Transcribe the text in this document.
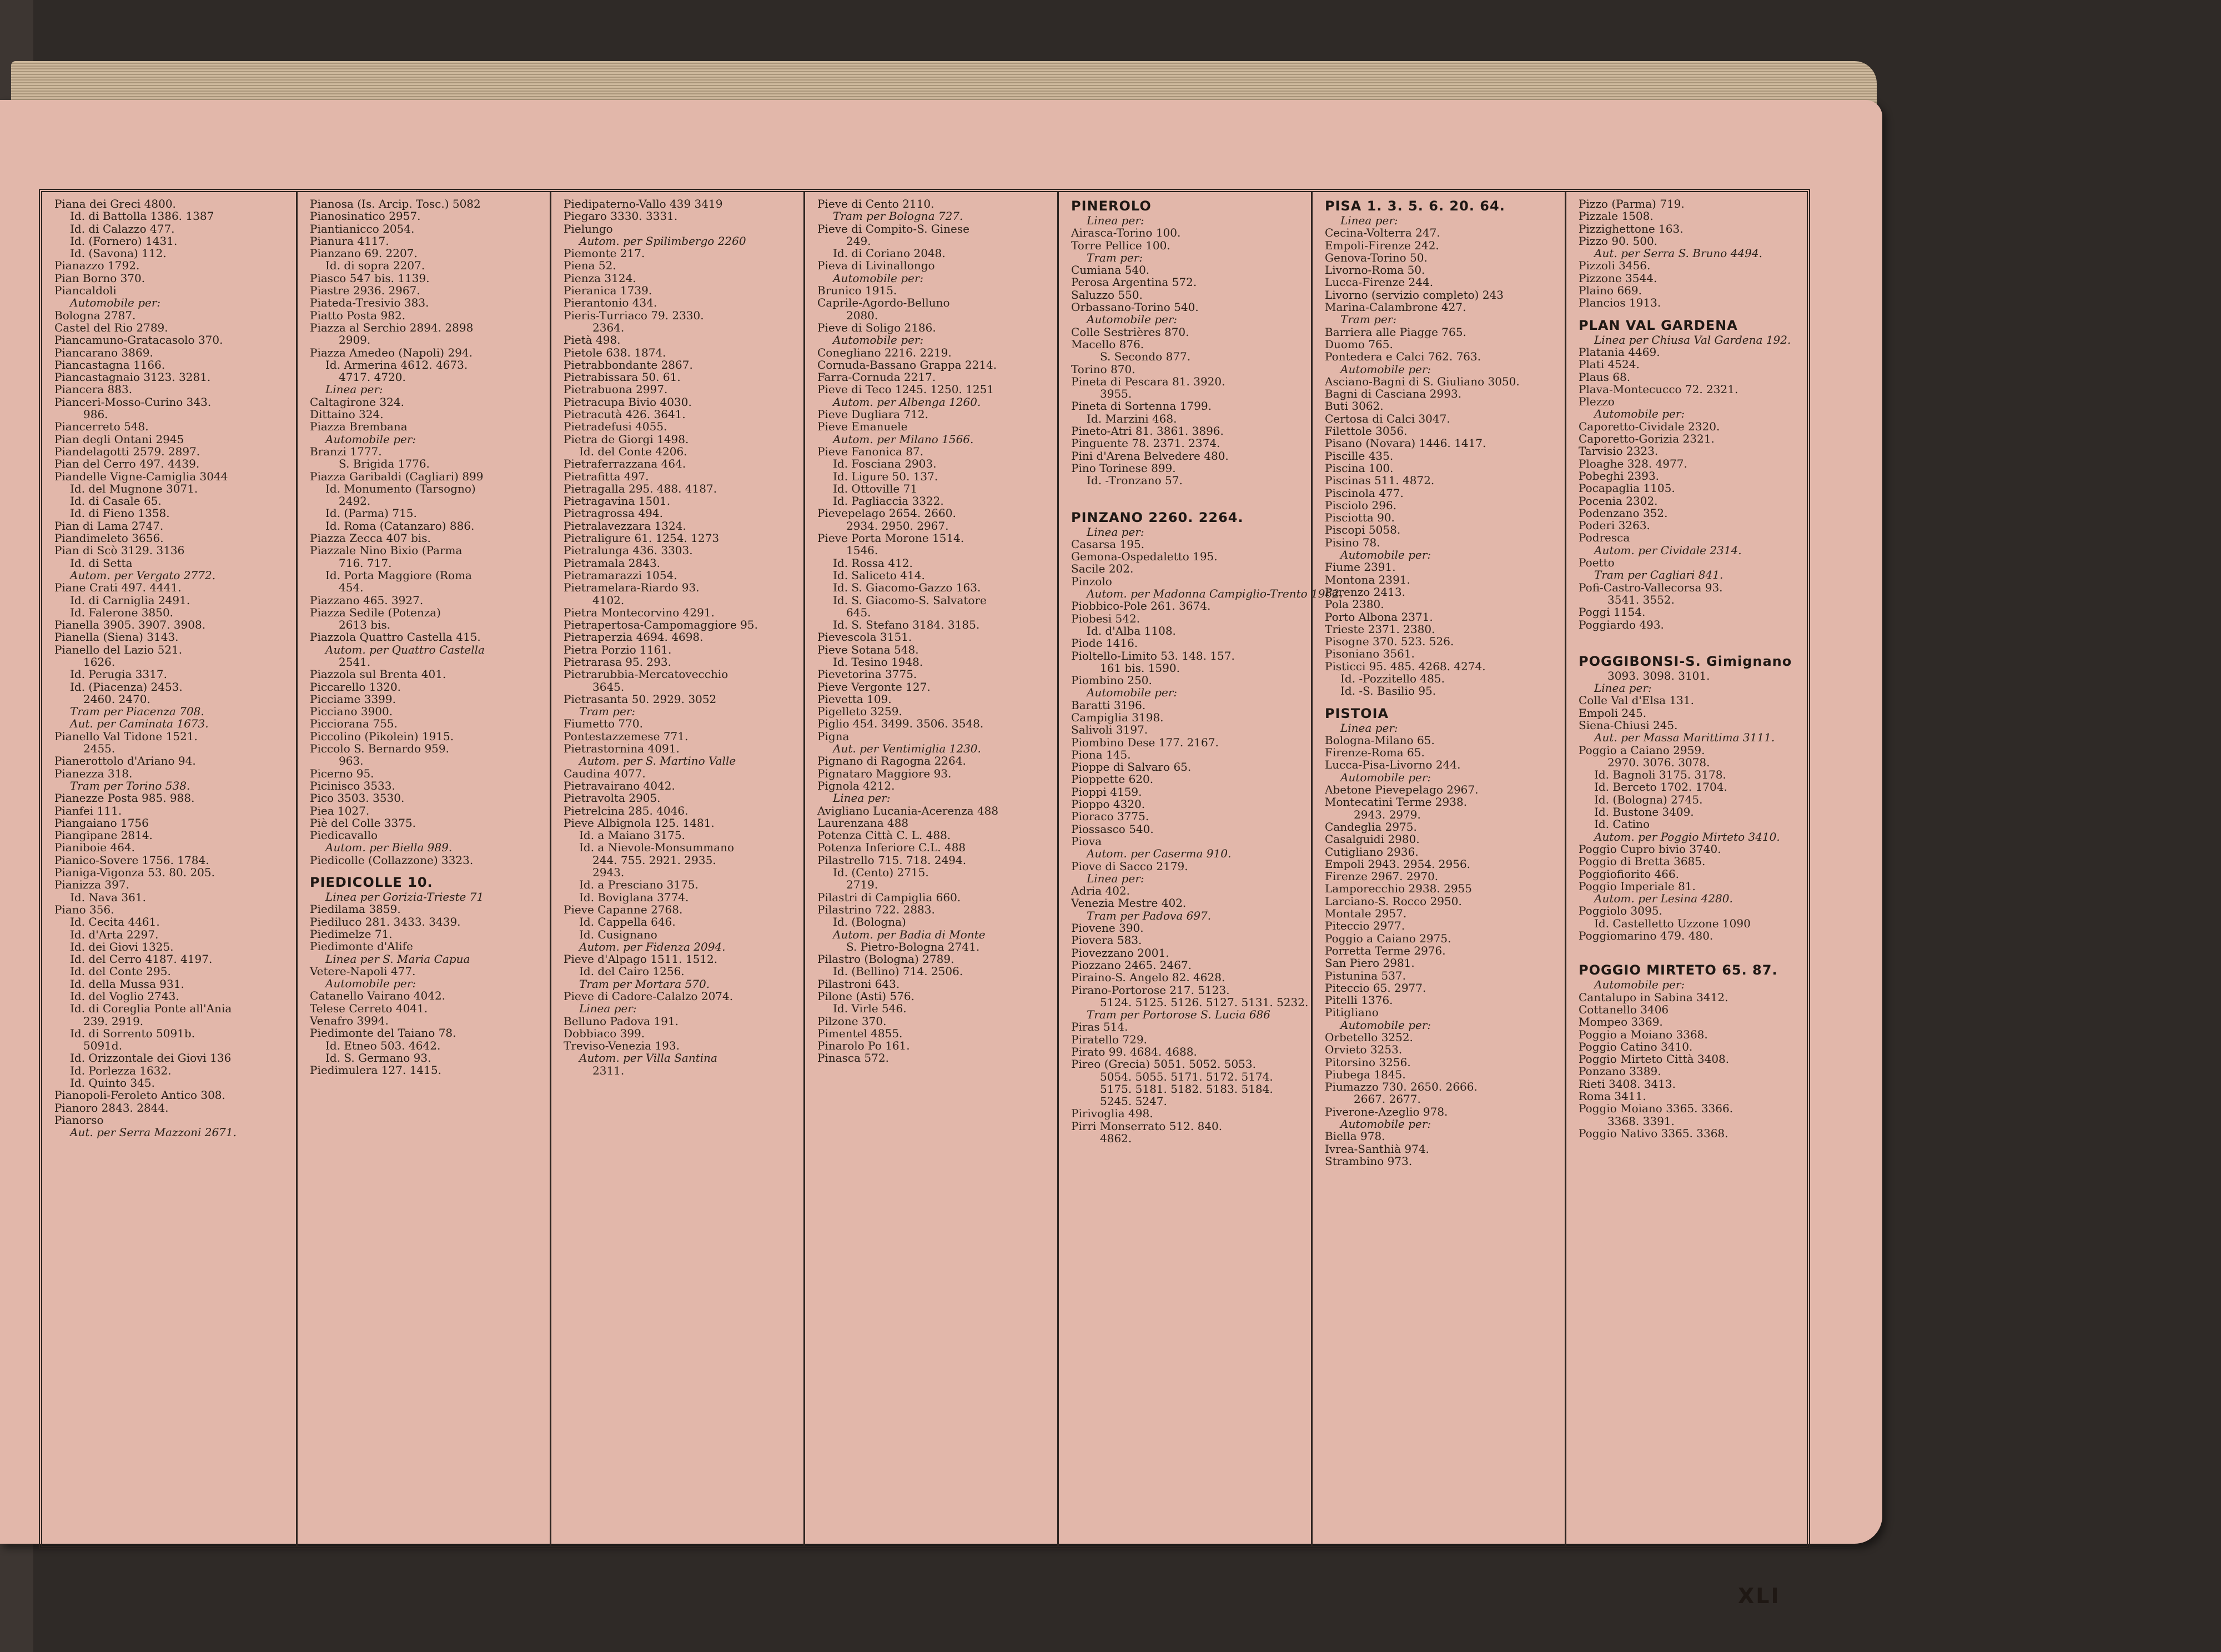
Piana dei Greci 4800.
Id. di Battolla 1386. 1387
Id. di Calazzo 477.
Id. (Fornero) 1431.
Id. (Savona) 112.
Pianazzo 1792.
Pian Borno 370.
Piancaldoli
Automobile per:
Bologna 2787.
Castel del Rio 2789.
Piancamuno-Gratacasolo 370.
Piancarano 3869.
Piancastagna 1166.
Piancastagnaio 3123. 3281.
Piancera 883.
Pianceri-Mosso-Curino 343.
986.
Piancerreto 548.
Pian degli Ontani 2945
Piandelagotti 2579. 2897.
Pian del Cerro 497. 4439.
Piandelle Vigne-Camiglia 3044
Id. del Mugnone 3071.
Id. di Casale 65.
Id. di Fieno 1358.
Pian di Lama 2747.
Piandimeleto 3656.
Pian di Scò 3129. 3136
Id. di Setta
Autom. per Vergato 2772.
Piane Crati 497. 4441.
Id. di Carniglia 2491.
Id. Falerone 3850.
Pianella 3905. 3907. 3908.
Pianella (Siena) 3143.
Pianello del Lazio 521.
1626.
Id. Perugia 3317.
Id. (Piacenza) 2453.
2460. 2470.
Tram per Piacenza 708.
Aut. per Caminata 1673.
Pianello Val Tidone 1521.
2455.
Pianerottolo d'Ariano 94.
Pianezza 318.
Tram per Torino 538.
Pianezze Posta 985. 988.
Pianfei 111.
Piangaiano 1756
Piangipane 2814.
Pianiboie 464.
Pianico-Sovere 1756. 1784.
Pianiga-Vigonza 53. 80. 205.
Pianizza 397.
Id. Nava 361.
Piano 356.
Id. Cecita 4461.
Id. d'Arta 2297.
Id. dei Giovi 1325.
Id. del Cerro 4187. 4197.
Id. del Conte 295.
Id. della Mussa 931.
Id. del Voglio 2743.
Id. di Coreglia Ponte all'Ania
239. 2919.
Id. di Sorrento 5091b.
5091d.
Id. Orizzontale dei Giovi 136
Id. Porlezza 1632.
Id. Quinto 345.
Pianopoli-Feroleto Antico 308.
Pianoro 2843. 2844.
Pianorso
Aut. per Serra Mazzoni 2671.
Pianosa (Is. Arcip. Tosc.) 5082
Pianosinatico 2957.
Piantianicco 2054.
Pianura 4117.
Pianzano 69. 2207.
Id. di sopra 2207.
Piasco 547 bis. 1139.
Piastre 2936. 2967.
Piateda-Tresivio 383.
Piatto Posta 982.
Piazza al Serchio 2894. 2898
2909.
Piazza Amedeo (Napoli) 294.
Id. Armerina 4612. 4673.
4717. 4720.
Linea per:
Caltagirone 324.
Dittaino 324.
Piazza Brembana
Automobile per:
Branzi 1777.
S. Brigida 1776.
Piazza Garibaldi (Cagliari) 899
Id. Monumento (Tarsogno)
2492.
Id. (Parma) 715.
Id. Roma (Catanzaro) 886.
Piazza Zecca 407 bis.
Piazzale Nino Bixio (Parma
716. 717.
Id. Porta Maggiore (Roma
454.
Piazzano 465. 3927.
Piazza Sedile (Potenza)
2613 bis.
Piazzola Quattro Castella 415.
Autom. per Quattro Castella
2541.
Piazzola sul Brenta 401.
Piccarello 1320.
Picciame 3399.
Picciano 3900.
Picciorana 755.
Piccolino (Pikolein) 1915.
Piccolo S. Bernardo 959.
963.
Picerno 95.
Picinisco 3533.
Pico 3503. 3530.
Piea 1027.
Piè del Colle 3375.
Piedicavallo
Autom. per Biella 989.
Piedicolle (Collazzone) 3323.
PIEDICOLLE 10.
Linea per Gorizia-Trieste 71
Piedilama 3859.
Piediluco 281. 3433. 3439.
Piedimelze 71.
Piedimonte d'Alife
Linea per S. Maria Capua
Vetere-Napoli 477.
Automobile per:
Catanello Vairano 4042.
Telese Cerreto 4041.
Venafro 3994.
Piedimonte del Taiano 78.
Id. Etneo 503. 4642.
Id. S. Germano 93.
Piedimulera 127. 1415.
Piedipaterno-Vallo 439 3419
Piegaro 3330. 3331.
Pielungo
Autom. per Spilimbergo 2260
Piemonte 217.
Piena 52.
Pienza 3124.
Pieranica 1739.
Pierantonio 434.
Pieris-Turriaco 79. 2330.
2364.
Pietà 498.
Pietole 638. 1874.
Pietrabbondante 2867.
Pietrabissara 50. 61.
Pietrabuona 2997.
Pietracupa Bivio 4030.
Pietracutà 426. 3641.
Pietradefusi 4055.
Pietra de Giorgi 1498.
Id. del Conte 4206.
Pietraferrazzana 464.
Pietrafitta 497.
Pietragalla 295. 488. 4187.
Pietragavina 1501.
Pietragrossa 494.
Pietralavezzara 1324.
Pietraligure 61. 1254. 1273
Pietralunga 436. 3303.
Pietramala 2843.
Pietramarazzi 1054.
Pietramelara-Riardo 93.
4102.
Pietra Montecorvino 4291.
Pietrapertosa-Campomaggiore 95.
Pietraperzia 4694. 4698.
Pietra Porzio 1161.
Pietrarasa 95. 293.
Pietrarubbia-Mercatovecchio
3645.
Pietrasanta 50. 2929. 3052
Tram per:
Fiumetto 770.
Pontestazzemese 771.
Pietrastornina 4091.
Autom. per S. Martino Valle
Caudina 4077.
Pietravairano 4042.
Pietravolta 2905.
Pietrelcina 285. 4046.
Pieve Albignola 125. 1481.
Id. a Maiano 3175.
Id. a Nievole-Monsummano
244. 755. 2921. 2935.
2943.
Id. a Presciano 3175.
Id. Boviglana 3774.
Pieve Capanne 2768.
Id. Cappella 646.
Id. Cusignano
Autom. per Fidenza 2094.
Pieve d'Alpago 1511. 1512.
Id. del Cairo 1256.
Tram per Mortara 570.
Pieve di Cadore-Calalzo 2074.
Linea per:
Belluno Padova 191.
Dobbiaco 399.
Treviso-Venezia 193.
Autom. per Villa Santina
2311.
Pieve di Cento 2110.
Tram per Bologna 727.
Pieve di Compito-S. Ginese
249.
Id. di Coriano 2048.
Pieva di Livinallongo
Automobile per:
Brunico 1915.
Caprile-Agordo-Belluno
2080.
Pieve di Soligo 2186.
Automobile per:
Conegliano 2216. 2219.
Cornuda-Bassano Grappa 2214.
Farra-Cornuda 2217.
Pieve di Teco 1245. 1250. 1251
Autom. per Albenga 1260.
Pieve Dugliara 712.
Pieve Emanuele
Autom. per Milano 1566.
Pieve Fanonica 87.
Id. Fosciana 2903.
Id. Ligure 50. 137.
Id. Ottoville 71
Id. Pagliaccia 3322.
Pievepelago 2654. 2660.
2934. 2950. 2967.
Pieve Porta Morone 1514.
1546.
Id. Rossa 412.
Id. Saliceto 414.
Id. S. Giacomo-Gazzo 163.
Id. S. Giacomo-S. Salvatore
645.
Id. S. Stefano 3184. 3185.
Pievescola 3151.
Pieve Sotana 548.
Id. Tesino 1948.
Pievetorina 3775.
Pieve Vergonte 127.
Pievetta 109.
Pigelleto 3259.
Piglio 454. 3499. 3506. 3548.
Pigna
Aut. per Ventimiglia 1230.
Pignano di Ragogna 2264.
Pignataro Maggiore 93.
Pignola 4212.
Linea per:
Avigliano Lucania-Acerenza 488
Laurenzana 488
Potenza Città C. L. 488.
Potenza Inferiore C.L. 488
Pilastrello 715. 718. 2494.
Id. (Cento) 2715.
2719.
Pilastri di Campiglia 660.
Pilastrino 722. 2883.
Id. (Bologna)
Autom. per Badia di Monte
S. Pietro-Bologna 2741.
Pilastro (Bologna) 2789.
Id. (Bellino) 714. 2506.
Pilastroni 643.
Pilone (Asti) 576.
Id. Virle 546.
Pilzone 370.
Pimentel 4855.
Pinarolo Po 161.
Pinasca 572.
PINEROLO
Linea per:
Airasca-Torino 100.
Torre Pellice 100.
Tram per:
Cumiana 540.
Perosa Argentina 572.
Saluzzo 550.
Orbassano-Torino 540.
Automobile per:
Colle Sestrières 870.
Macello 876.
S. Secondo 877.
Torino 870.
Pineta di Pescara 81. 3920.
3955.
Pineta di Sortenna 1799.
Id. Marzini 468.
Pineto-Atri 81. 3861. 3896.
Pinguente 78. 2371. 2374.
Pini d'Arena Belvedere 480.
Pino Torinese 899.
Id. -Tronzano 57.
PINZANO 2260. 2264.
Linea per:
Casarsa 195.
Gemona-Ospedaletto 195.
Sacile 202.
Pinzolo
Autom. per Madonna Campiglio-Trento 1962.
Piobbico-Pole 261. 3674.
Piobesi 542.
Id. d'Alba 1108.
Piode 1416.
Pioltello-Limito 53. 148. 157.
161 bis. 1590.
Piombino 250.
Automobile per:
Baratti 3196.
Campiglia 3198.
Salivoli 3197.
Piombino Dese 177. 2167.
Piona 145.
Pioppe di Salvaro 65.
Pioppette 620.
Pioppi 4159.
Pioppo 4320.
Pioraco 3775.
Piossasco 540.
Piova
Autom. per Caserma 910.
Piove di Sacco 2179.
Linea per:
Adria 402.
Venezia Mestre 402.
Tram per Padova 697.
Piovene 390.
Piovera 583.
Piovezzano 2001.
Piozzano 2465. 2467.
Piraino-S. Angelo 82. 4628.
Pirano-Portorose 217. 5123.
5124. 5125. 5126. 5127. 5131. 5232.
Tram per Portorose S. Lucia 686
Piras 514.
Piratello 729.
Pirato 99. 4684. 4688.
Pireo (Grecia) 5051. 5052. 5053.
5054. 5055. 5171. 5172. 5174.
5175. 5181. 5182. 5183. 5184.
5245. 5247.
Pirivoglia 498.
Pirri Monserrato 512. 840.
4862.
PISA 1. 3. 5. 6. 20. 64.
Linea per:
Cecina-Volterra 247.
Empoli-Firenze 242.
Genova-Torino 50.
Livorno-Roma 50.
Lucca-Firenze 244.
Livorno (servizio completo) 243
Marina-Calambrone 427.
Tram per:
Barriera alle Piagge 765.
Duomo 765.
Pontedera e Calci 762. 763.
Automobile per:
Asciano-Bagni di S. Giuliano 3050.
Bagni di Casciana 2993.
Buti 3062.
Certosa di Calci 3047.
Filettole 3056.
Pisano (Novara) 1446. 1417.
Piscille 435.
Piscina 100.
Piscinas 511. 4872.
Piscinola 477.
Pisciolo 296.
Pisciotta 90.
Piscopi 5058.
Pisino 78.
Automobile per:
Fiume 2391.
Montona 2391.
Parenzo 2413.
Pola 2380.
Porto Albona 2371.
Trieste 2371. 2380.
Pisogne 370. 523. 526.
Pisoniano 3561.
Pisticci 95. 485. 4268. 4274.
Id. -Pozzitello 485.
Id. -S. Basilio 95.
PISTOIA
Linea per:
Bologna-Milano 65.
Firenze-Roma 65.
Lucca-Pisa-Livorno 244.
Automobile per:
Abetone Pievepelago 2967.
Montecatini Terme 2938.
2943. 2979.
Candeglia 2975.
Casalguidi 2980.
Cutigliano 2936.
Empoli 2943. 2954. 2956.
Firenze 2967. 2970.
Lamporecchio 2938. 2955
Larciano-S. Rocco 2950.
Montale 2957.
Piteccio 2977.
Poggio a Caiano 2975.
Porretta Terme 2976.
San Piero 2981.
Pistunina 537.
Piteccio 65. 2977.
Pitelli 1376.
Pitigliano
Automobile per:
Orbetello 3252.
Orvieto 3253.
Pitorsino 3256.
Piubega 1845.
Piumazzo 730. 2650. 2666.
2667. 2677.
Piverone-Azeglio 978.
Automobile per:
Biella 978.
Ivrea-Santhià 974.
Strambino 973.
Pizzo (Parma) 719.
Pizzale 1508.
Pizzighettone 163.
Pizzo 90. 500.
Aut. per Serra S. Bruno 4494.
Pizzoli 3456.
Pizzone 3544.
Plaino 669.
Plancios 1913.
PLAN VAL GARDENA
Linea per Chiusa Val Gardena 192.
Platania 4469.
Plati 4524.
Plaus 68.
Plava-Montecucco 72. 2321.
Plezzo
Automobile per:
Caporetto-Cividale 2320.
Caporetto-Gorizia 2321.
Tarvisio 2323.
Ploaghe 328. 4977.
Pobeghi 2393.
Pocapaglia 1105.
Pocenia 2302.
Podenzano 352.
Poderi 3263.
Podresca
Autom. per Cividale 2314.
Poetto
Tram per Cagliari 841.
Pofi-Castro-Vallecorsa 93.
3541. 3552.
Poggi 1154.
Poggiardo 493.
POGGIBONSI-S. Gimignano
3093. 3098. 3101.
Linea per:
Colle Val d'Elsa 131.
Empoli 245.
Siena-Chiusi 245.
Aut. per Massa Marittima 3111.
Poggio a Caiano 2959.
2970. 3076. 3078.
Id. Bagnoli 3175. 3178.
Id. Berceto 1702. 1704.
Id. (Bologna) 2745.
Id. Bustone 3409.
Id. Catino
Autom. per Poggio Mirteto 3410.
Poggio Cupro bivio 3740.
Poggio di Bretta 3685.
Poggiofiorito 466.
Poggio Imperiale 81.
Autom. per Lesina 4280.
Poggiolo 3095.
Id. Castelletto Uzzone 1090
Poggiomarino 479. 480.
POGGIO MIRTETO 65. 87.
Automobile per:
Cantalupo in Sabina 3412.
Cottanello 3406
Mompeo 3369.
Poggio a Moiano 3368.
Poggio Catino 3410.
Poggio Mirteto Città 3408.
Ponzano 3389.
Rieti 3408. 3413.
Roma 3411.
Poggio Moiano 3365. 3366.
3368. 3391.
Poggio Nativo 3365. 3368.
XLI
